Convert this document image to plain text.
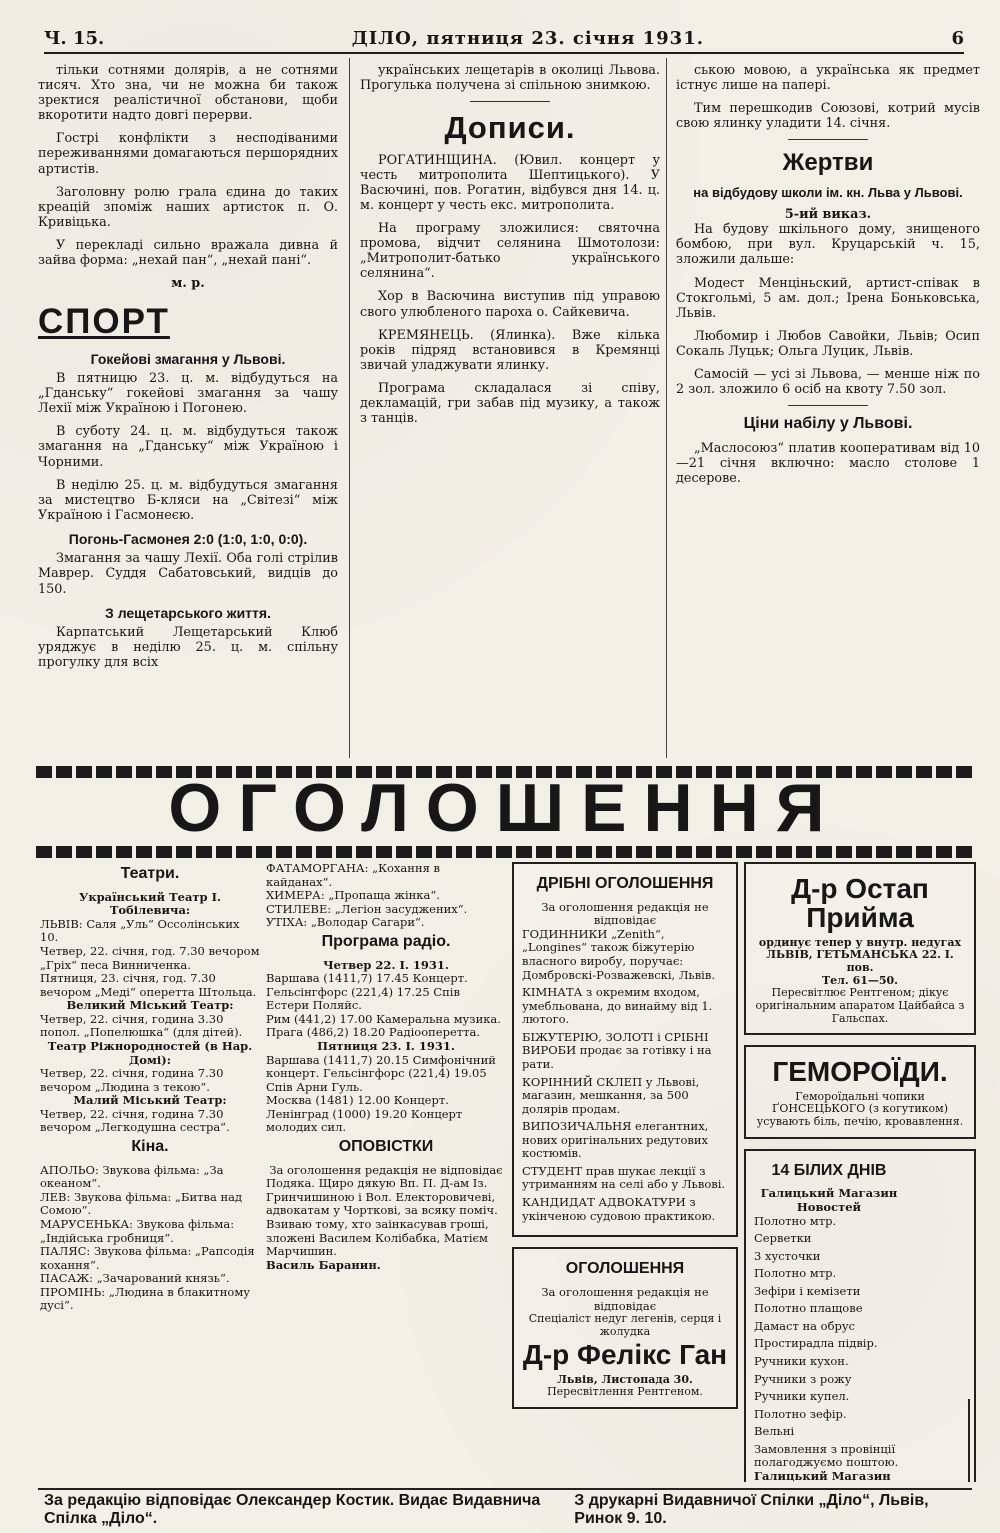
Ч. 15.	ДІЛО, пятниця 23. січня 1931.	6

тільки сотнями долярів, а не сотнями тисяч. Хто зна, чи не можна би також зректися реалістичної обстанови, щоби вкоротити надто довгі перерви.

Гострі конфлікти з несподіваними переживаннями домагаються першорядних артистів.

Заголовну ролю грала єдина до таких креацій зпоміж наших артисток п. О. Кривіцька.

У перекладі сильно вражала дивна й зайва форма: „нехай пан“, „нехай пані“.

м. р.
СПОРТ
Гокейові змагання у Львові.

В пятницю 23. ц. м. відбудуться на „Гданську“ гокейові змагання за чашу Лехії між Україною і Погонею.

В суботу 24. ц. м. відбудуться також змагання на „Гданську“ між Україною і Чорними.

В неділю 25. ц. м. відбудуться змагання за мистецтво Б-кляси на „Світезі“ між Україною і Гасмонеєю.

Погонь-Гасмонея 2:0 (1:0, 1:0, 0:0).

Змагання за чашу Лехії. Оба голі стрілив Маврер. Суддя Сабатовський, видців до 150.

З лещетарського життя.

Карпатський Лещетарський Клюб уряджує в неділю 25. ц. м. спільну прогулку для всіх

українських лещетарів в околиці Львова. Прогулька получена зі спільною знимкою.

Дописи.

РОГАТИНЩИНА. (Ювил. концерт у честь митрополита Шептицького). У Васючині, пов. Рогатин, відбувся дня 14. ц. м. концерт у честь екс. митрополита.

На програму зложилися: святочна промова, відчит селянина Шмотолози: „Митрополит-батько українського селянина“.

Хор в Васючина виступив під управою свого улюбленого пароха о. Сайкевича.

КРЕМЯНЕЦЬ. (Ялинка). Вже кілька років підряд встановився в Кремянці звичай уладжувати ялинку.

Програма складалася зі співу, декламацій, гри забав під музику, а також з танців.

ською мовою, а українська як предмет істнує лише на папері.

Тим перешкодив Союзові, котрий мусів свою ялинку уладити 14. січня.

Жертви
на відбудову школи ім. кн. Льва у Львові.
5-ий виказ.

На будову шкільного дому, знищеного бомбою, при вул. Круцарській ч. 15, зложили дальше:

Модест Менціньский, артист-співак в Стокгольмі, 5 ам. дол.; Ірена Боньковська, Львів.

Любомир і Любов Савойки, Львів; Осип Сокаль Луцьк; Ольга Луцик, Львів.

Самосій — усі зі Львова, — менше ніж по 2 зол. зложило 6 осіб на квоту 7.50 зол.

Ціни набілу у Львові.

„Маслосоюз“ платив кооперативам від 10—21 січня включно: масло столове 1 десерове.

ОГОЛОШЕННЯ
Театри.
Український Театр І. Тобілевича:
ЛЬВІВ: Саля „Уль“ Оссолінських 10.
Четвер, 22. січня, год. 7.30 вечором „Гріх“ песа Винниченка.
Пятниця, 23. січня, год. 7.30 вечором „Медi“ оперетта Штольца.
Великий Міський Театр:
Четвер, 22. січня, година 3.30 попол. „Попелюшка“ (для дітей).
Театр Ріжнородностей (в Нар. Домі):
Четвер, 22. січня, година 7.30 вечором „Людина з текою“.
Малий Міський Театр:
Четвер, 22. січня, година 7.30 вечором „Легкодушна сестра“.
Кіна.
АПОЛЬО: Звукова фільма: „За океаном“.
ЛЕВ: Звукова фільма: „Битва над Сомою“.
МАРУСЕНЬКА: Звукова фільма: „Індійська гробниця“.
ПАЛЯС: Звукова фільма: „Рапсодія кохання“.
ПАСАЖ: „Зачарований князь“.
ПРОМІНЬ: „Людина в блакитному дусі“.
ФАТАМОРГАНА: „Кохання в кайданах“.
ХИМЕРА: „Пропаща жінка“.
СТИЛЕВЕ: „Легіон засуджених“.
УТІХА: „Володар Сагари“.
Програма радіо.
Четвер 22. І. 1931.
Варшава (1411,7) 17.45 Концерт. Гельсінгфорс (221,4) 17.25 Спів Естери Поляйс.
Рим (441,2) 17.00 Камеральна музика. Прага (486,2) 18.20 Радіооперетта.
Пятниця 23. І. 1931.
Варшава (1411,7) 20.15 Симфонічний концерт. Гельсінгфорс (221,4) 19.05 Спів Арни Гуль.
Москва (1481) 12.00 Концерт. Ленінград (1000) 19.20 Концерт молодих сил.
ОПОВІСТКИ
За оголошення редакція не відповідає
Подяка. Щиро дякую Вп. П. Д-ам Із. Гринчишиною і Вол. Електоровичеві, адвокатам у Чорткові, за всяку поміч.
Взиваю тому, хто заінкасував гроші, зложені Василем Колібабка, Матієм Марчишин.
Василь Баранин.
ДРІБНІ ОГОЛОШЕННЯ
За оголошення редакція не відповідає
ГОДИННИКИ „Zenith“, „Longines“ також біжутерію власного виробу, поручає: Домбровскі-Розважевскі, Львів.
КІМНАТА з окремим входом, умебльована, до винайму від 1. лютого.
БІЖУТЕРІЮ, ЗОЛОТІ і СРІБНІ ВИРОБИ продає за готівку і на рати.
КОРІННИЙ СКЛЕП у Львові, магазин, мешкання, за 500 долярів продам.
ВИПОЗИЧАЛЬНЯ елегантних, нових оригінальних редутових костюмів.
СТУДЕНТ прав шукає лекції з утриманням на селі або у Львові.
КАНДИДАТ АДВОКАТУРИ з укінченою судовою практикою.
ОГОЛОШЕННЯ
За оголошення редакція не відповідає
Спеціаліст недуг легенів, серця і жолудка
Д-р Фелікс Ган
Львів, Листопада 30.
Пересвітлення Рентгеном.
Д-р Остап Прийма
ординує тепер у внутр. недугах
ЛЬВІВ, ГЕТЬМАНСЬКА 22. І. пов.
Тел. 61—50.
Пересвітлює Рентгеном; дікує оригінальним апаратом Цайбайса з Гальспах.
ГЕМОРОЇДИ.
Гемороїдальні чопики ҐОНСЕЦЬКОГО (з когутиком) усувають біль, печію, кровавлення.
14 БІЛИХ ДНІВ
Галицький Магазин Новостей
Полотно мтр.
Серветки
3 хусточки
Полотно мтр.
Зефіри і кемізети
Полотно плащове
Дамаст на обрус
Простирадла підвір.
Ручники кухон.
Ручники з рожу
Ручники купел.
Полотно зефір.
Вельні
Замовлення з провінції полагоджуємо поштою.
Галицький Магазин
За редакцію відповідає Олександер Костик. Видає Видавнича Спілка „Діло“.
З друкарні Видавничої Спілки „Діло“, Львів, Ринок 9. 10.
